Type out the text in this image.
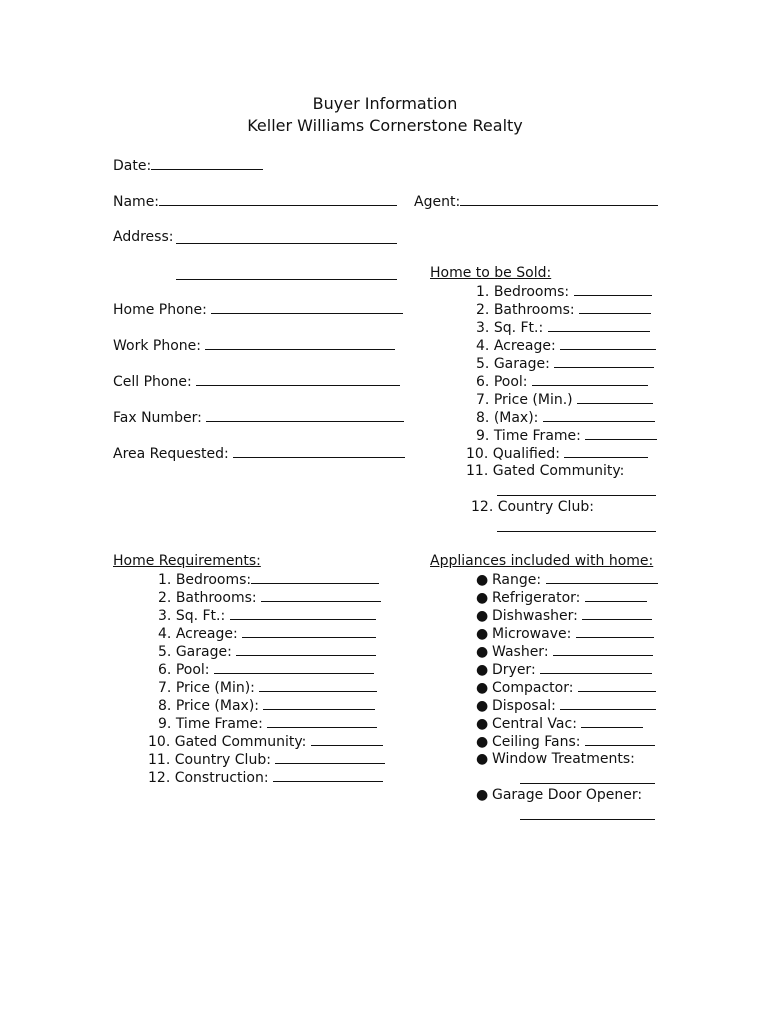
Buyer Information
Keller Williams Cornerstone Realty
Date:
Name:	Agent:
Address:
Home Phone:
Work Phone:
Cell Phone:
Fax Number:
Area Requested:
Home to be Sold:
1. Bedrooms:
2. Bathrooms:
3. Sq. Ft.:
4. Acreage:
5. Garage:
6. Pool:
7. Price (Min.)
8. (Max):
9. Time Frame:
10. Qualified:
11. Gated Community:
12. Country Club:
Home Requirements:
1. Bedrooms:
2. Bathrooms:
3. Sq. Ft.:
4. Acreage:
5. Garage:
6. Pool:
7. Price (Min):
8. Price (Max):
9. Time Frame:
10. Gated Community:
11. Country Club:
12. Construction:
Appliances included with home:
● Range:
● Refrigerator:
● Dishwasher:
● Microwave:
● Washer:
● Dryer:
● Compactor:
● Disposal:
● Central Vac:
● Ceiling Fans:
● Window Treatments:
● Garage Door Opener:
